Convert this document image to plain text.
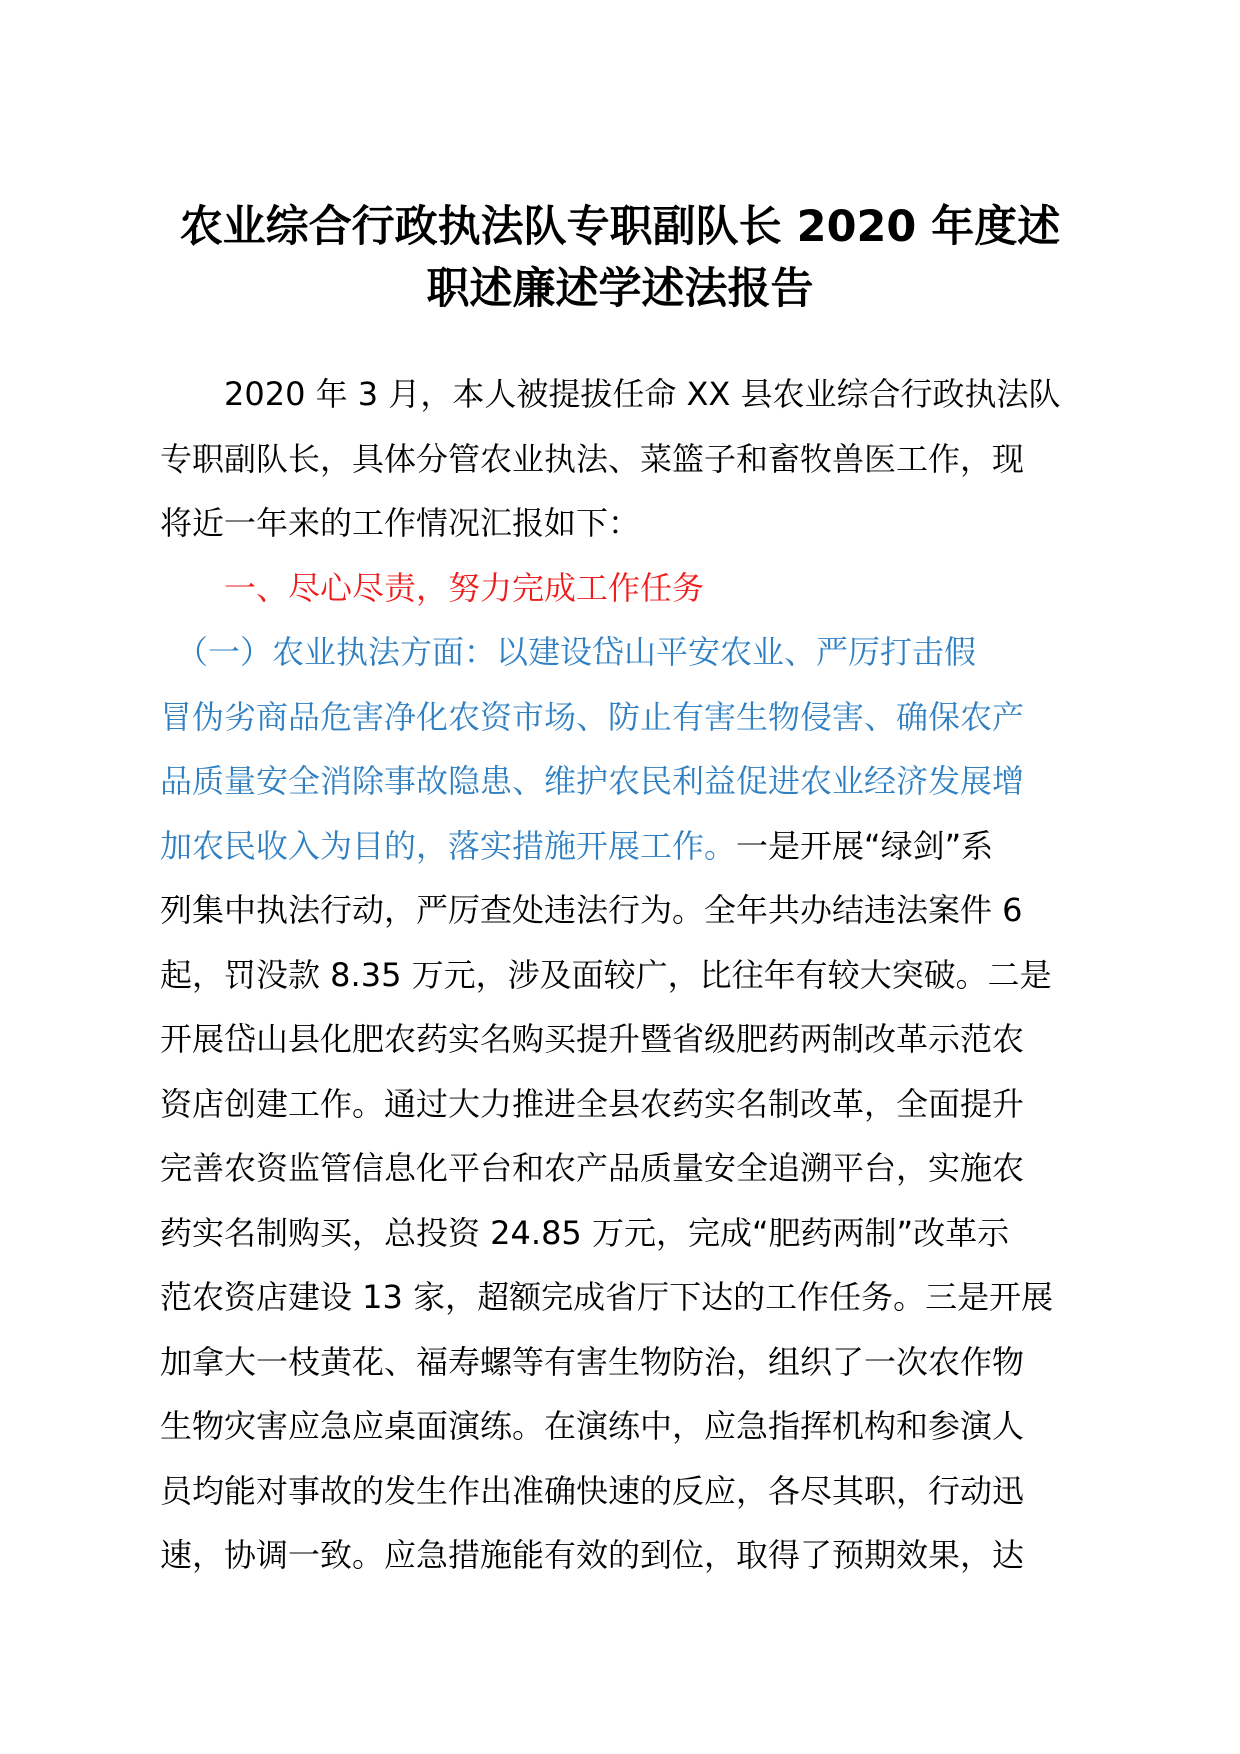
农业综合行政执法队专职副队长 2020 年度述
职述廉述学述法报告
　　2020 年 3 月，本人被提拔任命 XX 县农业综合行政执法队
专职副队长，具体分管农业执法、菜篮子和畜牧兽医工作，现
将近一年来的工作情况汇报如下：
　　一、尽心尽责，努力完成工作任务
　（一）农业执法方面：以建设岱山平安农业、严厉打击假
冒伪劣商品危害净化农资市场、防止有害生物侵害、确保农产
品质量安全消除事故隐患、维护农民利益促进农业经济发展增
加农民收入为目的，落实措施开展工作。一是开展“绿剑”系
列集中执法行动，严厉查处违法行为。全年共办结违法案件 6
起，罚没款 8.35 万元，涉及面较广，比往年有较大突破。二是
开展岱山县化肥农药实名购买提升暨省级肥药两制改革示范农
资店创建工作。通过大力推进全县农药实名制改革，全面提升
完善农资监管信息化平台和农产品质量安全追溯平台，实施农
药实名制购买，总投资 24.85 万元，完成“肥药两制”改革示
范农资店建设 13 家，超额完成省厅下达的工作任务。三是开展
加拿大一枝黄花、福寿螺等有害生物防治，组织了一次农作物
生物灾害应急应桌面演练。在演练中，应急指挥机构和参演人
员均能对事故的发生作出准确快速的反应，各尽其职，行动迅
速，协调一致。应急措施能有效的到位，取得了预期效果，达
